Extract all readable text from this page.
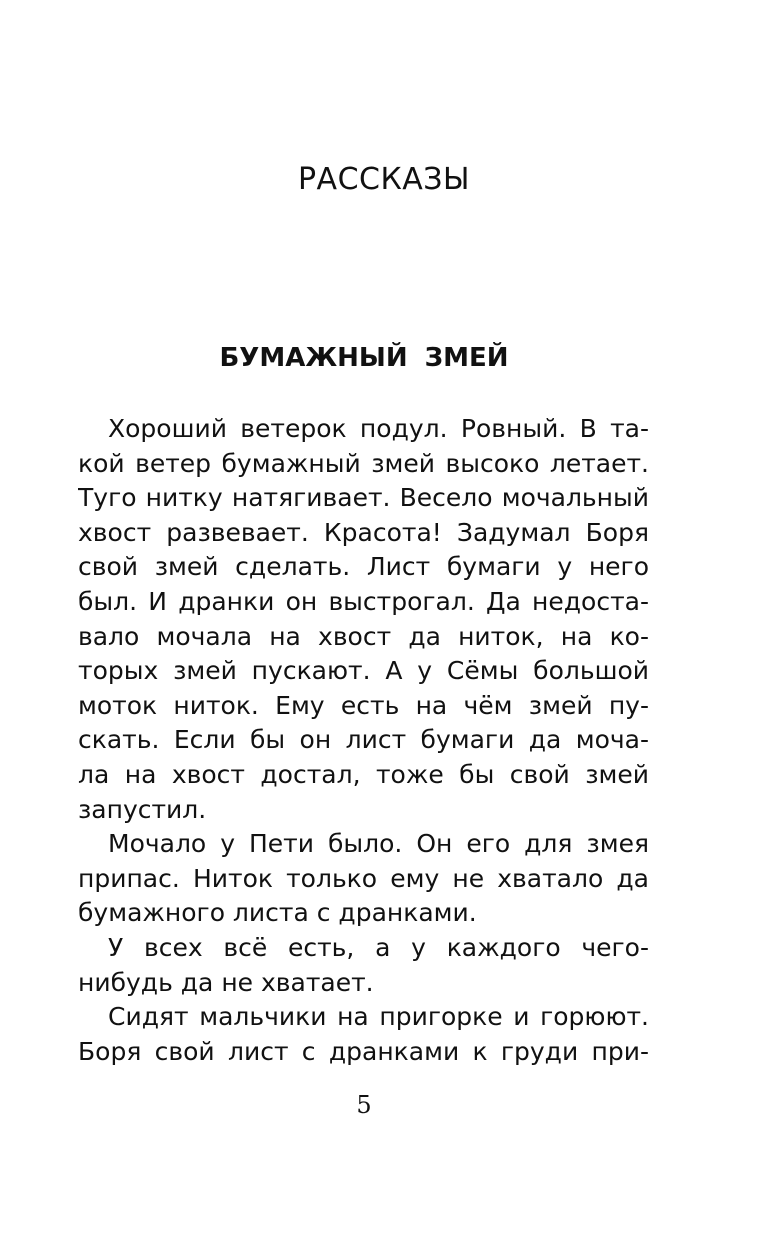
РАССКАЗЫ
БУМАЖНЫЙ ЗМЕЙ
Хороший ветерок подул. Ровный. В та-
кой ветер бумажный змей высоко летает.
Туго нитку натягивает. Весело мочальный
хвост развевает. Красота! Задумал Боря
свой змей сделать. Лист бумаги у него
был. И дранки он выстрогал. Да недоста-
вало мочала на хвост да ниток, на ко-
торых змей пускают. А у Сёмы большой
моток ниток. Ему есть на чём змей пу-
скать. Если бы он лист бумаги да моча-
ла на хвост достал, тоже бы свой змей
запустил.
Мочало у Пети было. Он его для змея
припас. Ниток только ему не хватало да
бумажного листа с дранками.
У всех всё есть, а у каждого чего-
нибудь да не хватает.
Сидят мальчики на пригорке и горюют.
Боря свой лист с дранками к груди при-
5
